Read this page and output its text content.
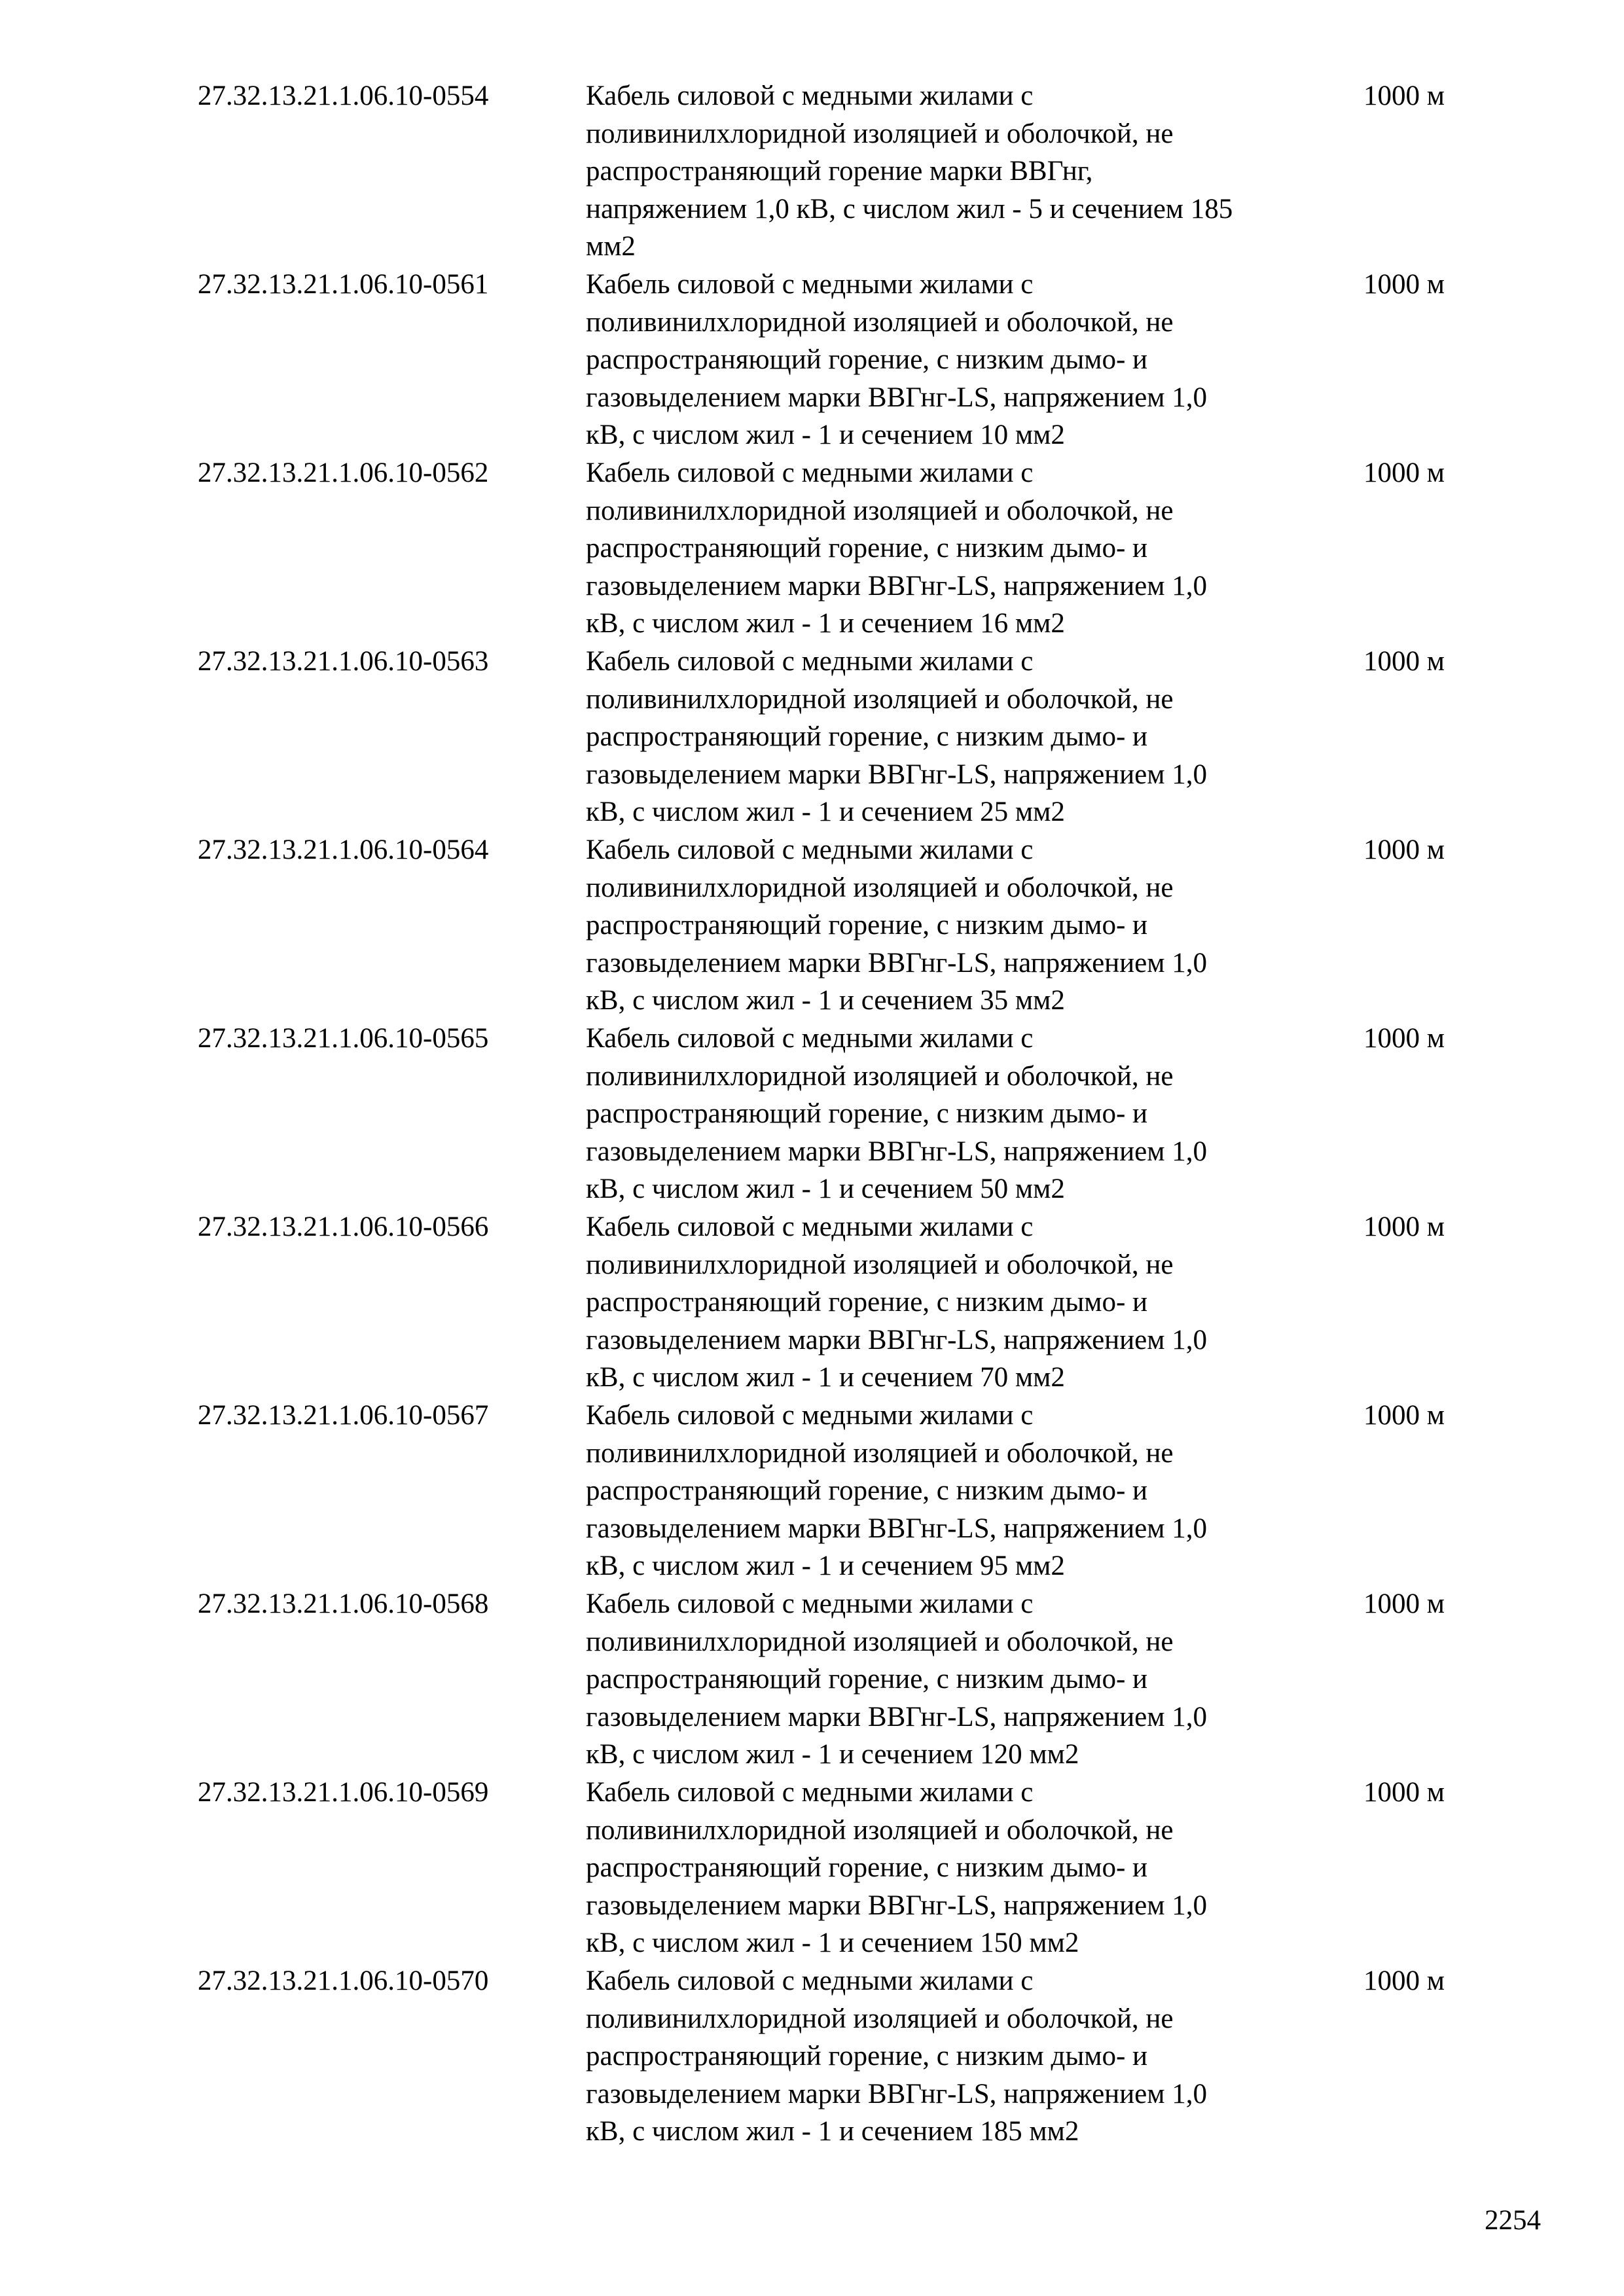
27.32.13.21.1.06.10-0554	Кабель силовой с медными жилами с
поливинилхлоридной изоляцией и оболочкой, не
распространяющий горение марки ВВГнг,
напряжением 1,0 кВ, с числом жил - 5 и сечением 185
мм2
1000 м
27.32.13.21.1.06.10-0561	Кабель силовой с медными жилами с
поливинилхлоридной изоляцией и оболочкой, не
распространяющий горение, с низким дымо- и
газовыделением марки ВВГнг-LS, напряжением 1,0
кВ, с числом жил - 1 и сечением 10 мм2
1000 м
27.32.13.21.1.06.10-0562	Кабель силовой с медными жилами с
поливинилхлоридной изоляцией и оболочкой, не
распространяющий горение, с низким дымо- и
газовыделением марки ВВГнг-LS, напряжением 1,0
кВ, с числом жил - 1 и сечением 16 мм2
1000 м
27.32.13.21.1.06.10-0563	Кабель силовой с медными жилами с
поливинилхлоридной изоляцией и оболочкой, не
распространяющий горение, с низким дымо- и
газовыделением марки ВВГнг-LS, напряжением 1,0
кВ, с числом жил - 1 и сечением 25 мм2
1000 м
27.32.13.21.1.06.10-0564	Кабель силовой с медными жилами с
поливинилхлоридной изоляцией и оболочкой, не
распространяющий горение, с низким дымо- и
газовыделением марки ВВГнг-LS, напряжением 1,0
кВ, с числом жил - 1 и сечением 35 мм2
1000 м
27.32.13.21.1.06.10-0565	Кабель силовой с медными жилами с
поливинилхлоридной изоляцией и оболочкой, не
распространяющий горение, с низким дымо- и
газовыделением марки ВВГнг-LS, напряжением 1,0
кВ, с числом жил - 1 и сечением 50 мм2
1000 м
27.32.13.21.1.06.10-0566	Кабель силовой с медными жилами с
поливинилхлоридной изоляцией и оболочкой, не
распространяющий горение, с низким дымо- и
газовыделением марки ВВГнг-LS, напряжением 1,0
кВ, с числом жил - 1 и сечением 70 мм2
1000 м
27.32.13.21.1.06.10-0567	Кабель силовой с медными жилами с
поливинилхлоридной изоляцией и оболочкой, не
распространяющий горение, с низким дымо- и
газовыделением марки ВВГнг-LS, напряжением 1,0
кВ, с числом жил - 1 и сечением 95 мм2
1000 м
27.32.13.21.1.06.10-0568	Кабель силовой с медными жилами с
поливинилхлоридной изоляцией и оболочкой, не
распространяющий горение, с низким дымо- и
газовыделением марки ВВГнг-LS, напряжением 1,0
кВ, с числом жил - 1 и сечением 120 мм2
1000 м
27.32.13.21.1.06.10-0569	Кабель силовой с медными жилами с
поливинилхлоридной изоляцией и оболочкой, не
распространяющий горение, с низким дымо- и
газовыделением марки ВВГнг-LS, напряжением 1,0
кВ, с числом жил - 1 и сечением 150 мм2
1000 м
27.32.13.21.1.06.10-0570	Кабель силовой с медными жилами с
поливинилхлоридной изоляцией и оболочкой, не
распространяющий горение, с низким дымо- и
газовыделением марки ВВГнг-LS, напряжением 1,0
кВ, с числом жил - 1 и сечением 185 мм2
1000 м
2254
